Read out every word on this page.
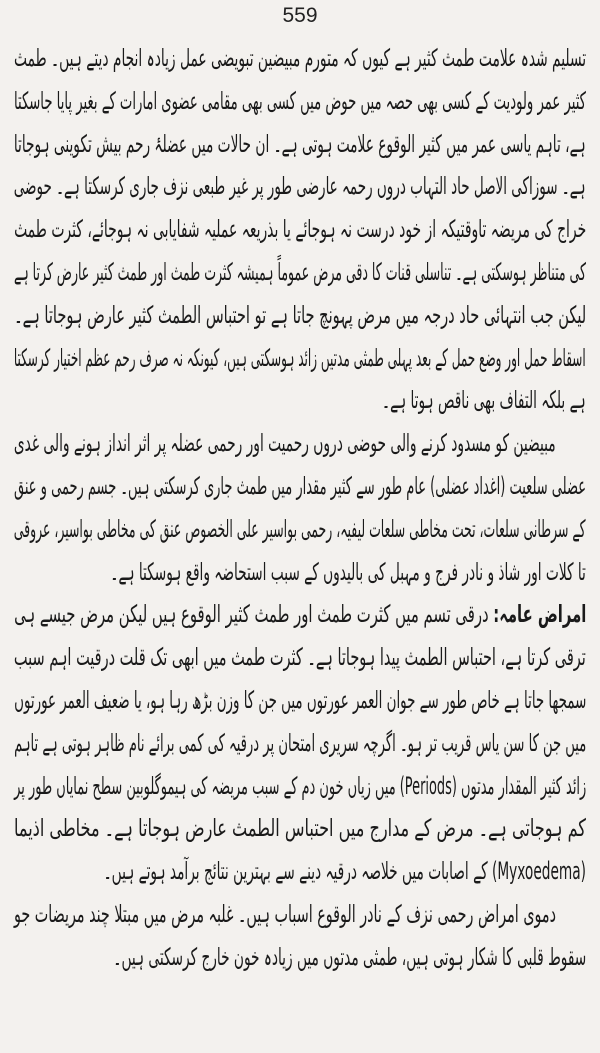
559
تسلیم شدہ علامت طمث کثیر ہے کیوں کہ متورم مبیضین تبویضی عمل زیادہ انجام دیتے ہیں۔ طمث
کثیر عمر ولودیت کے کسی بھی حصہ میں حوض میں کسی بھی مقامی عضوی امارات کے بغیر پایا جاسکتا
ہے، تاہم یاسی عمر میں کثیر الوقوع علامت ہوتی ہے۔ ان حالات میں عضلۂ رحم بیش تکوینی ہوجاتا
ہے۔ سوزاکی الاصل حاد التہاب دروں رحمہ عارضی طور پر غیر طبعی نزف جاری کرسکتا ہے۔ حوضی
خراج کی مریضہ تاوقتیکہ از خود درست نہ ہوجائے یا بذریعہ عملیہ شفایابی نہ ہوجائے، کثرت طمث
کی متناظر ہوسکتی ہے۔ تناسلی قنات کا دقی مرض عموماً ہمیشہ کثرت طمث اور طمث کثیر عارض کرتا ہے
لیکن جب انتہائی حاد درجہ میں مرض پہونچ جاتا ہے تو احتباس الطمث کثیر عارض ہوجاتا ہے۔
اسقاط حمل اور وضع حمل کے بعد پہلی طمثی مدتیں زائد ہوسکتی ہیں، کیونکہ نہ صرف رحم عظم اختیار کرسکتا
ہے بلکہ التفاف بھی ناقص ہوتا ہے۔
مبیضین کو مسدود کرنے والی حوضی دروں رحمیت اور رحمی عضلہ پر اثر انداز ہونے والی غدی
عضلی سلعیت (اغداد عضلی) عام طور سے کثیر مقدار میں طمث جاری کرسکتی ہیں۔ جسم رحمی و عنق
کے سرطانی سلعات، تحت مخاطی سلعات لیفیہ، رحمی بواسیر علی الخصوص عنق کی مخاطی بواسیر، عروقی
تا کلات اور شاذ و نادر فرج و مہبل کی بالیدوں کے سبب استحاضہ واقع ہوسکتا ہے۔
امراض عامہ: درقی تسم میں کثرت طمث اور طمث کثیر الوقوع ہیں لیکن مرض جیسے ہی
ترقی کرتا ہے، احتباس الطمث پیدا ہوجاتا ہے۔ کثرت طمث میں ابھی تک قلت درقیت اہم سبب
سمجھا جاتا ہے خاص طور سے جوان العمر عورتوں میں جن کا وزن بڑھ رہا ہو، یا ضعیف العمر عورتوں
میں جن کا سن یاس قریب تر ہو۔ اگرچہ سریری امتحان پر درقیہ کی کمی برائے نام ظاہر ہوتی ہے تاہم
زائد کثیر المقدار مدتوں (Periods) میں زیاں خون دم کے سبب مریضہ کی ہیموگلوبین سطح نمایاں طور پر
کم ہوجاتی ہے۔ مرض کے مدارج میں احتباس الطمث عارض ہوجاتا ہے۔ مخاطی اذیما
(Myxoedema) کے اصابات میں خلاصہ درقیہ دینے سے بہترین نتائج برآمد ہوتے ہیں۔
دموی امراض رحمی نزف کے نادر الوقوع اسباب ہیں۔ غلبہ مرض میں مبتلا چند مریضات جو
سقوط قلبی کا شکار ہوتی ہیں، طمثی مدتوں میں زیادہ خون خارج کرسکتی ہیں۔
